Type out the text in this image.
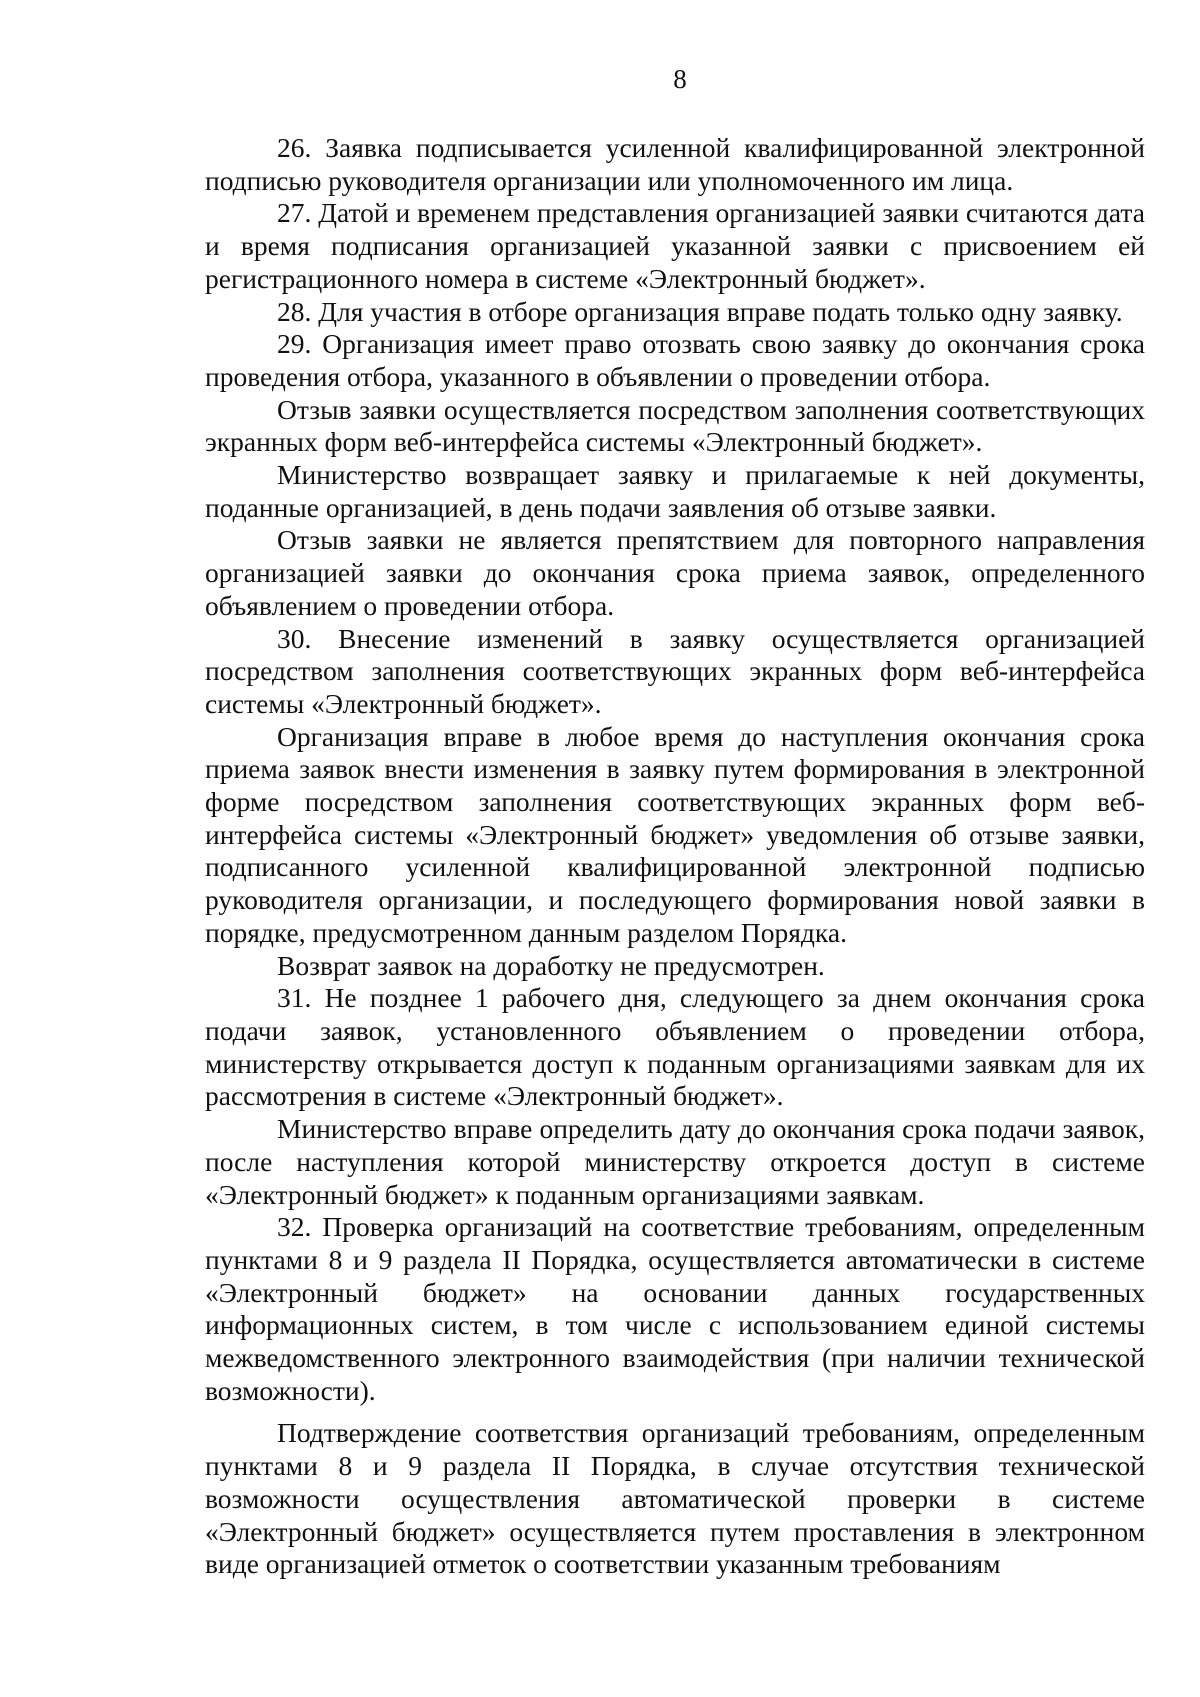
8

26. Заявка подписывается усиленной квалифицированной электронной подписью руководителя организации или уполномоченного им лица.

27. Датой и временем представления организацией заявки считаются дата и время подписания организацией указанной заявки с присвоением ей регистрационного номера в системе «Электронный бюджет».

28. Для участия в отборе организация вправе подать только одну заявку.

29. Организация имеет право отозвать свою заявку до окончания срока проведения отбора, указанного в объявлении о проведении отбора.

Отзыв заявки осуществляется посредством заполнения соответствующих экранных форм веб-интерфейса системы «Электронный бюджет».

Министерство возвращает заявку и прилагаемые к ней документы, поданные организацией, в день подачи заявления об отзыве заявки.

Отзыв заявки не является препятствием для повторного направления организацией заявки до окончания срока приема заявок, определенного объявлением о проведении отбора.

30. Внесение изменений в заявку осуществляется организацией посредством заполнения соответствующих экранных форм веб-интерфейса системы «Электронный бюджет».

Организация вправе в любое время до наступления окончания срока приема заявок внести изменения в заявку путем формирования в электронной форме посредством заполнения соответствующих экранных форм веб-интерфейса системы «Электронный бюджет» уведомления об отзыве заявки, подписанного усиленной квалифицированной электронной подписью руководителя организации, и последующего формирования новой заявки в порядке, предусмотренном данным разделом Порядка.

Возврат заявок на доработку не предусмотрен.

31. Не позднее 1 рабочего дня, следующего за днем окончания срока подачи заявок, установленного объявлением о проведении отбора, министерству открывается доступ к поданным организациями заявкам для их рассмотрения в системе «Электронный бюджет».

Министерство вправе определить дату до окончания срока подачи заявок, после наступления которой министерству откроется доступ в системе «Электронный бюджет» к поданным организациями заявкам.

32. Проверка организаций на соответствие требованиям, определенным пунктами 8 и 9 раздела II Порядка, осуществляется автоматически в системе «Электронный бюджет» на основании данных государственных информационных систем, в том числе с использованием единой системы межведомственного электронного взаимодействия (при наличии технической возможности).

Подтверждение соответствия организаций требованиям, определенным пунктами 8 и 9 раздела II Порядка, в случае отсутствия технической возможности осуществления автоматической проверки в системе «Электронный бюджет» осуществляется путем проставления в электронном виде организацией отметок о соответствии указанным требованиям
